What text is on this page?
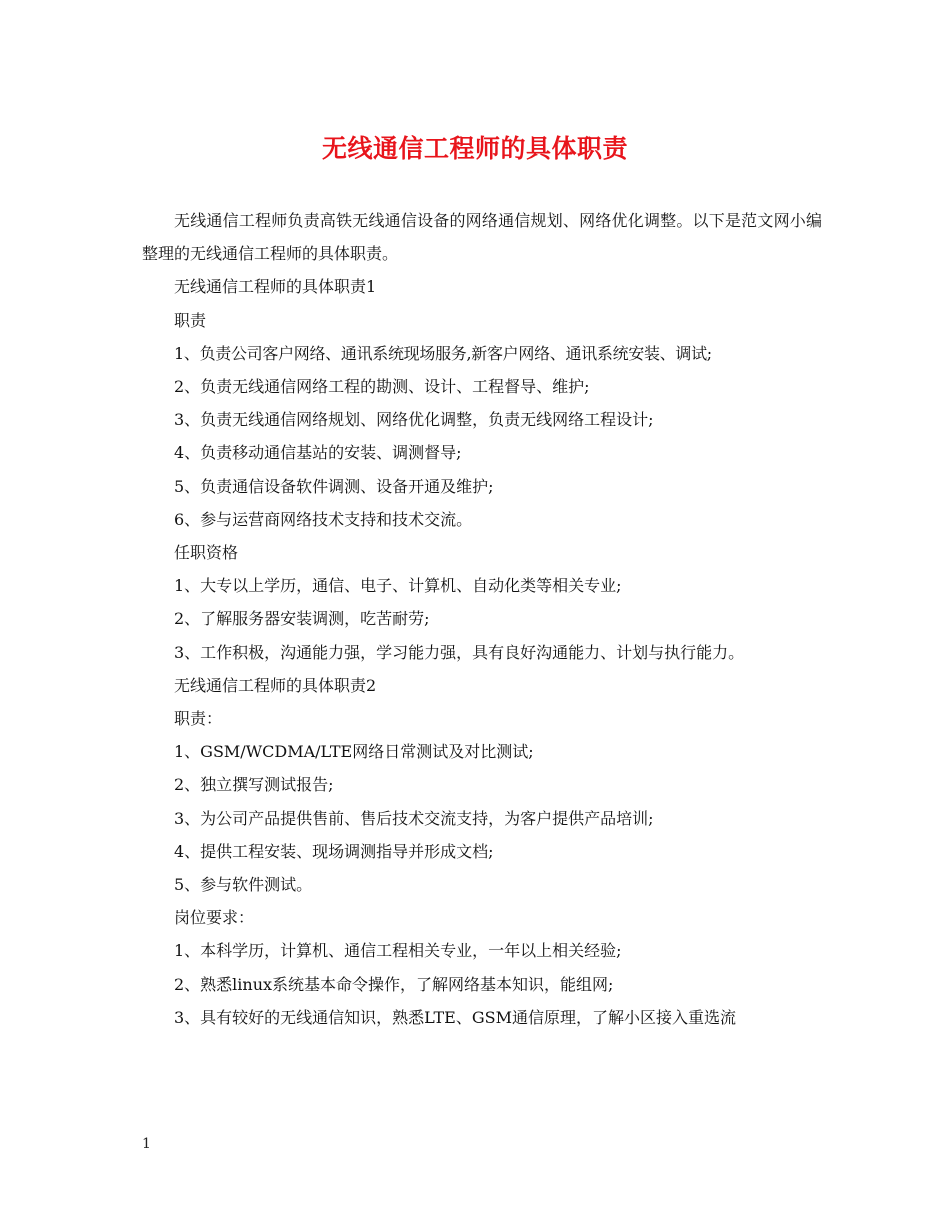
无线通信工程师的具体职责

无线通信工程师负责高铁无线通信设备的网络通信规划、网络优化调整。以下是范文网小编整理的无线通信工程师的具体职责。

无线通信工程师的具体职责1

职责

1、负责公司客户网络、通讯系统现场服务,新客户网络、通讯系统安装、调试;

2、负责无线通信网络工程的勘测、设计、工程督导、维护;

3、负责无线通信网络规划、网络优化调整，负责无线网络工程设计;

4、负责移动通信基站的安装、调测督导;

5、负责通信设备软件调测、设备开通及维护;

6、参与运营商网络技术支持和技术交流。

任职资格

1、大专以上学历，通信、电子、计算机、自动化类等相关专业;

2、了解服务器安装调测，吃苦耐劳;

3、工作积极，沟通能力强，学习能力强，具有良好沟通能力、计划与执行能力。

无线通信工程师的具体职责2

职责：

1、GSM/WCDMA/LTE网络日常测试及对比测试;

2、独立撰写测试报告;

3、为公司产品提供售前、售后技术交流支持，为客户提供产品培训;

4、提供工程安装、现场调测指导并形成文档;

5、参与软件测试。

岗位要求：

1、本科学历，计算机、通信工程相关专业，一年以上相关经验;

2、熟悉linux系统基本命令操作，了解网络基本知识，能组网;

3、具有较好的无线通信知识，熟悉LTE、GSM通信原理，了解小区接入重选流

1
